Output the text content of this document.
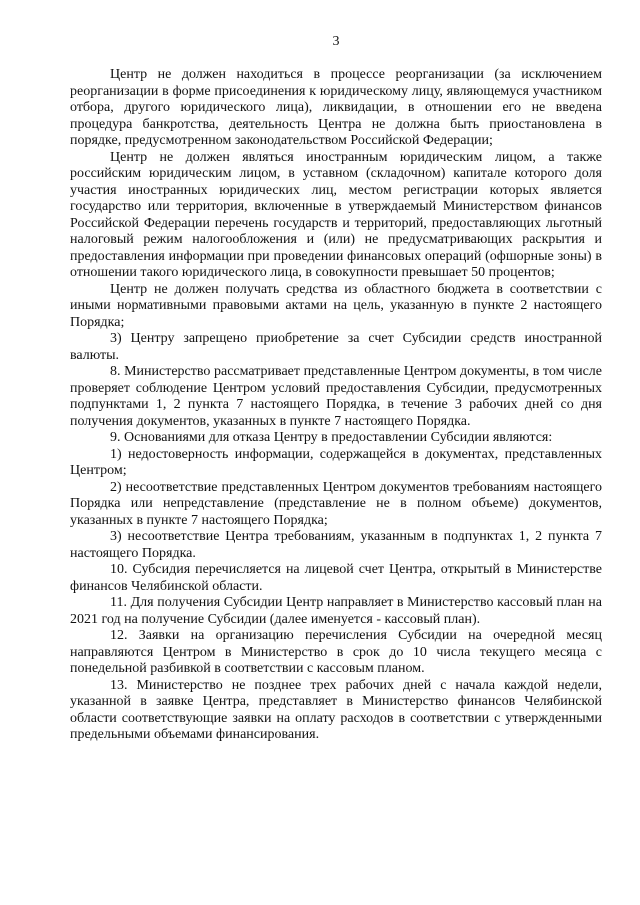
3

Центр не должен находиться в процессе реорганизации (за исключением реорганизации в форме присоединения к юридическому лицу, являющемуся участником отбора, другого юридического лица), ликвидации, в отношении его не введена процедура банкротства, деятельность Центра не должна быть приостановлена в порядке, предусмотренном законодательством Российской Федерации;

Центр не должен являться иностранным юридическим лицом, а также российским юридическим лицом, в уставном (складочном) капитале которого доля участия иностранных юридических лиц, местом регистрации которых является государство или территория, включенные в утверждаемый Министерством финансов Российской Федерации перечень государств и территорий, предоставляющих льготный налоговый режим налогообложения и (или) не предусматривающих раскрытия и предоставления информации при проведении финансовых операций (офшорные зоны) в отношении такого юридического лица, в совокупности превышает 50 процентов;

Центр не должен получать средства из областного бюджета в соответствии с иными нормативными правовыми актами на цель, указанную в пункте 2 настоящего Порядка;

3) Центру запрещено приобретение за счет Субсидии средств иностранной валюты.

8. Министерство рассматривает представленные Центром документы, в том числе проверяет соблюдение Центром условий предоставления Субсидии, предусмотренных подпунктами 1, 2 пункта 7 настоящего Порядка, в течение 3 рабочих дней со дня получения документов, указанных в пункте 7 настоящего Порядка.

9. Основаниями для отказа Центру в предоставлении Субсидии являются:

1) недостоверность информации, содержащейся в документах, представленных Центром;

2) несоответствие представленных Центром документов требованиям настоящего Порядка или непредставление (представление не в полном объеме) документов, указанных в пункте 7 настоящего Порядка;

3) несоответствие Центра требованиям, указанным в подпунктах 1, 2 пункта 7 настоящего Порядка.

10. Субсидия перечисляется на лицевой счет Центра, открытый в Министерстве финансов Челябинской области.

11. Для получения Субсидии Центр направляет в Министерство кассовый план на 2021 год на получение Субсидии (далее именуется - кассовый план).

12. Заявки на организацию перечисления Субсидии на очередной месяц направляются Центром в Министерство в срок до 10 числа текущего месяца с понедельной разбивкой в соответствии с кассовым планом.

13. Министерство не позднее трех рабочих дней с начала каждой недели, указанной в заявке Центра, представляет в Министерство финансов Челябинской области соответствующие заявки на оплату расходов в соответствии с утвержденными предельными объемами финансирования.
